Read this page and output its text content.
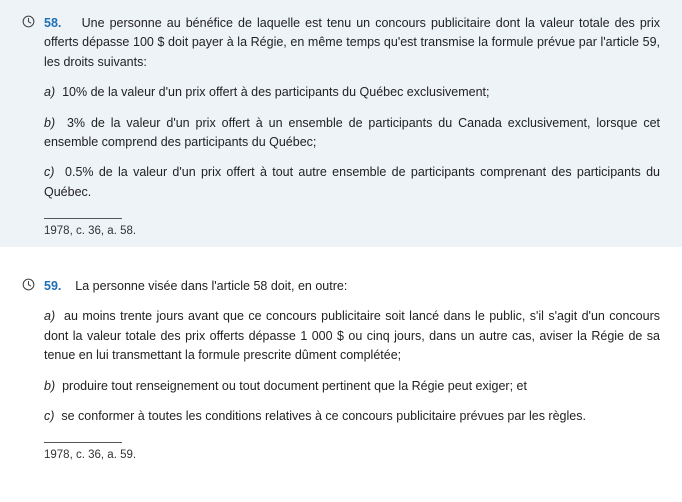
58. Une personne au bénéfice de laquelle est tenu un concours publicitaire dont la valeur totale des prix offerts dépasse 100 $ doit payer à la Régie, en même temps qu'est transmise la formule prévue par l'article 59, les droits suivants:

a) 10% de la valeur d'un prix offert à des participants du Québec exclusivement;

b) 3% de la valeur d'un prix offert à un ensemble de participants du Canada exclusivement, lorsque cet ensemble comprend des participants du Québec;

c) 0.5% de la valeur d'un prix offert à tout autre ensemble de participants comprenant des participants du Québec.

1978, c. 36, a. 58.

59. La personne visée dans l'article 58 doit, en outre:

a) au moins trente jours avant que ce concours publicitaire soit lancé dans le public, s'il s'agit d'un concours dont la valeur totale des prix offerts dépasse 1 000 $ ou cinq jours, dans un autre cas, aviser la Régie de sa tenue en lui transmettant la formule prescrite dûment complétée;

b) produire tout renseignement ou tout document pertinent que la Régie peut exiger; et

c) se conformer à toutes les conditions relatives à ce concours publicitaire prévues par les règles.

1978, c. 36, a. 59.
